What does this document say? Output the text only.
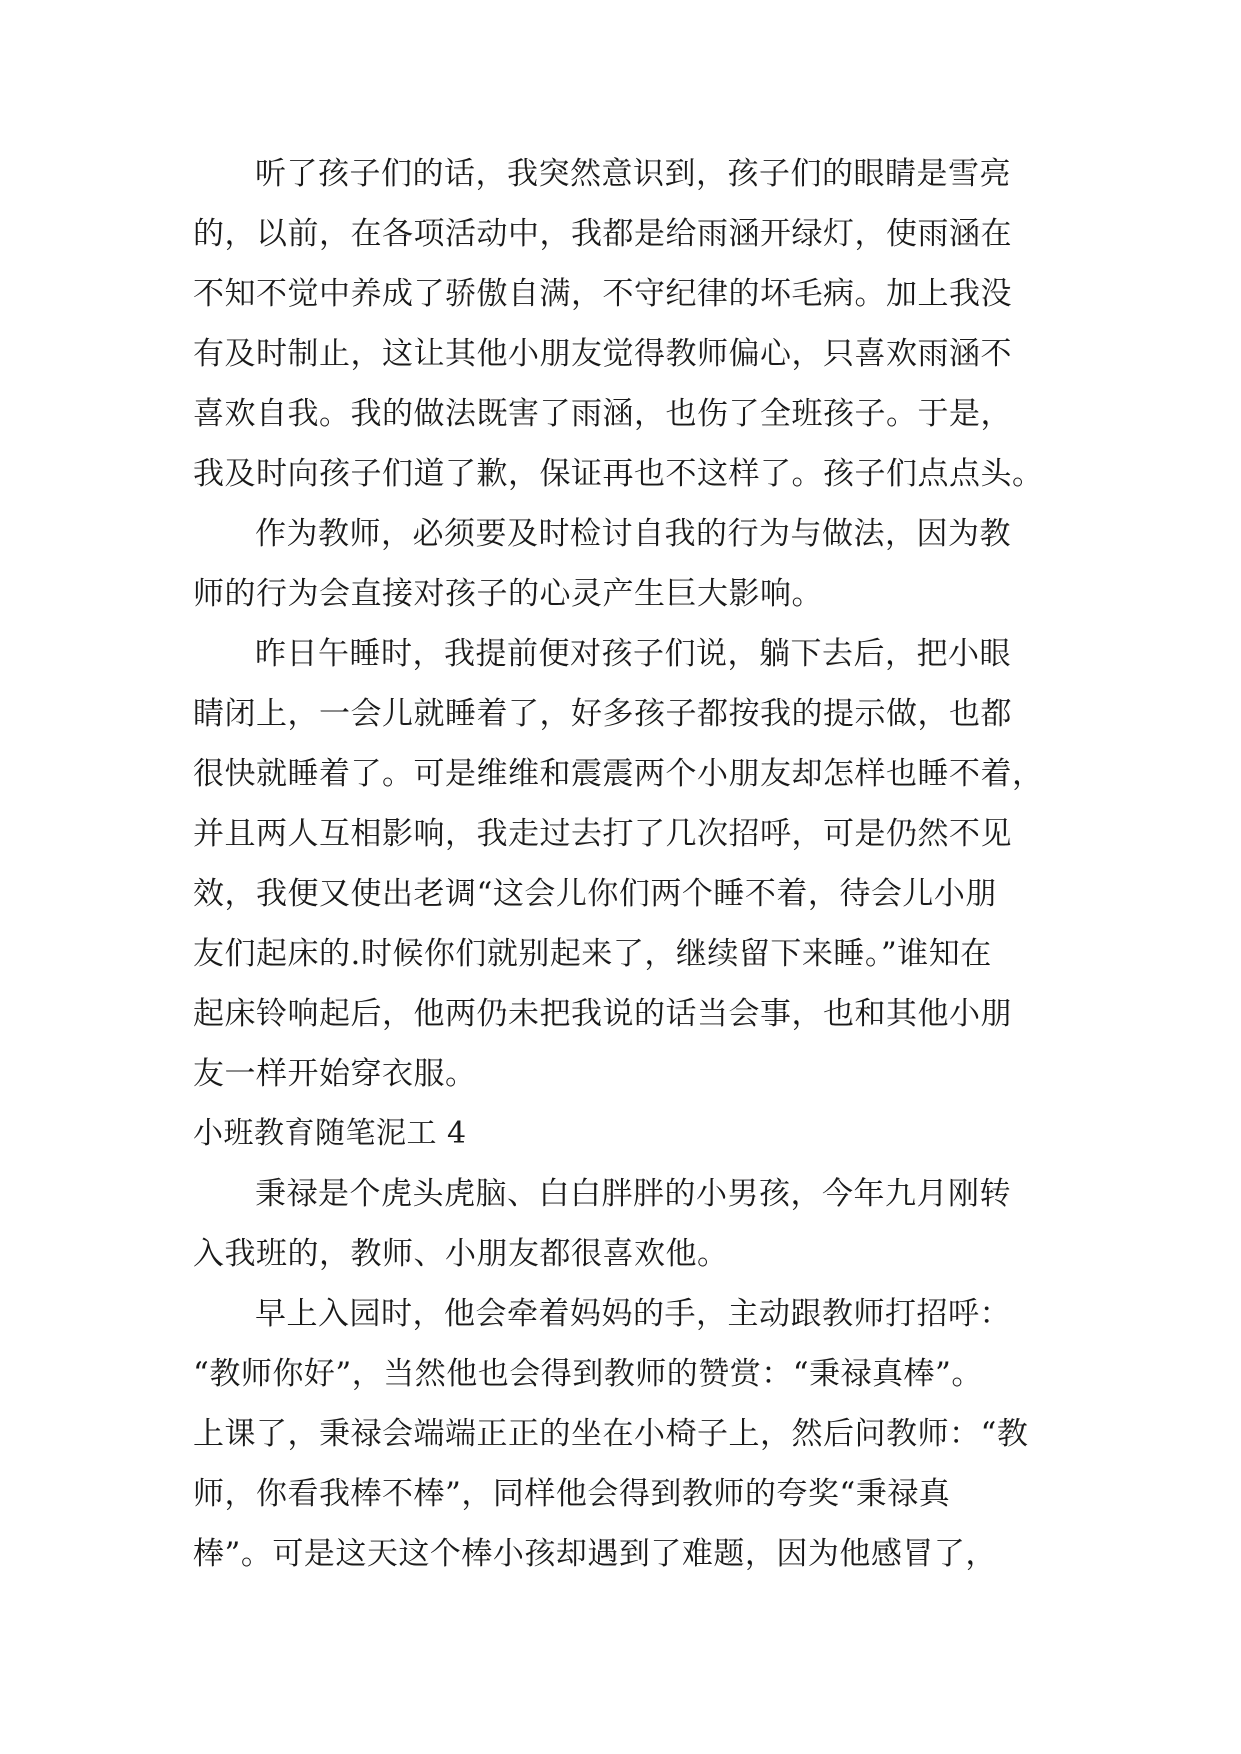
听了孩子们的话，我突然意识到，孩子们的眼睛是雪亮
的，以前，在各项活动中，我都是给雨涵开绿灯，使雨涵在
不知不觉中养成了骄傲自满，不守纪律的坏毛病。加上我没
有及时制止，这让其他小朋友觉得教师偏心，只喜欢雨涵不
喜欢自我。我的做法既害了雨涵，也伤了全班孩子。于是，
我及时向孩子们道了歉，保证再也不这样了。孩子们点点头。
作为教师，必须要及时检讨自我的行为与做法，因为教
师的行为会直接对孩子的心灵产生巨大影响。
昨日午睡时，我提前便对孩子们说，躺下去后，把小眼
睛闭上，一会儿就睡着了，好多孩子都按我的提示做，也都
很快就睡着了。可是维维和震震两个小朋友却怎样也睡不着，
并且两人互相影响，我走过去打了几次招呼，可是仍然不见
效，我便又使出老调“这会儿你们两个睡不着，待会儿小朋
友们起床的.时候你们就别起来了，继续留下来睡。”谁知在
起床铃响起后，他两仍未把我说的话当会事，也和其他小朋
友一样开始穿衣服。
小班教育随笔泥工 4
秉禄是个虎头虎脑、白白胖胖的小男孩，今年九月刚转
入我班的，教师、小朋友都很喜欢他。
早上入园时，他会牵着妈妈的手，主动跟教师打招呼：
“教师你好”，当然他也会得到教师的赞赏：“秉禄真棒”。
上课了，秉禄会端端正正的坐在小椅子上，然后问教师：“教
师，你看我棒不棒”，同样他会得到教师的夸奖“秉禄真
棒”。可是这天这个棒小孩却遇到了难题，因为他感冒了，
